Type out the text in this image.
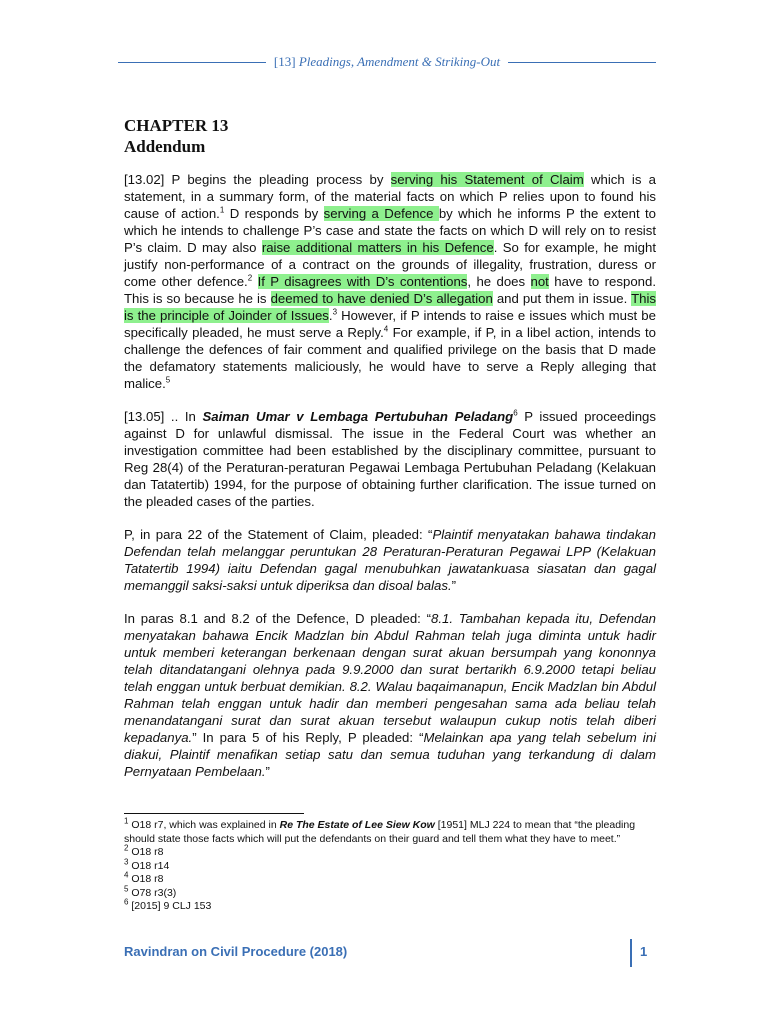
[13] Pleadings, Amendment & Striking-Out
CHAPTER 13
Addendum

[13.02] P begins the pleading process by serving his Statement of Claim which is a statement, in a summary form, of the material facts on which P relies upon to found his cause of action.$^1$ D responds by serving a Defence by which he informs P the extent to which he intends to challenge P’s case and state the facts on which D will rely on to resist P’s claim. D may also raise additional matters in his Defence. So for example, he might justify non-performance of a contract on the grounds of illegality, frustration, duress or come other defence.$^2$ If P disagrees with D’s contentions, he does not have to respond. This is so because he is deemed to have denied D’s allegation and put them in issue. This is the principle of Joinder of Issues.$^3$ However, if P intends to raise e issues which must be specifically pleaded, he must serve a Reply.$^4$ For example, if P, in a libel action, intends to challenge the defences of fair comment and qualified privilege on the basis that D made the defamatory statements maliciously, he would have to serve a Reply alleging that malice.$^5$

[13.05] .. In Saiman Umar v Lembaga Pertubuhan Peladang$^6$ P issued proceedings against D for unlawful dismissal. The issue in the Federal Court was whether an investigation committee had been established by the disciplinary committee, pursuant to Reg 28(4) of the Peraturan-peraturan Pegawai Lembaga Pertubuhan Peladang (Kelakuan dan Tatatertib) 1994, for the purpose of obtaining further clarification. The issue turned on the pleaded cases of the parties.

P, in para 22 of the Statement of Claim, pleaded: “Plaintif menyatakan bahawa tindakan Defendan telah melanggar peruntukan 28 Peraturan-Peraturan Pegawai LPP (Kelakuan Tatatertib 1994) iaitu Defendan gagal menubuhkan jawatankuasa siasatan dan gagal memanggil saksi-saksi untuk diperiksa dan disoal balas.”

In paras 8.1 and 8.2 of the Defence, D pleaded: “8.1. Tambahan kepada itu, Defendan menyatakan bahawa Encik Madzlan bin Abdul Rahman telah juga diminta untuk hadir untuk memberi keterangan berkenaan dengan surat akuan bersumpah yang kononnya telah ditandatangani olehnya pada 9.9.2000 dan surat bertarikh 6.9.2000 tetapi beliau telah enggan untuk berbuat demikian. 8.2. Walau baqaimanapun, Encik Madzlan bin Abdul Rahman telah enggan untuk hadir dan memberi pengesahan sama ada beliau telah menandatangani surat dan surat akuan tersebut walaupun cukup notis telah diberi kepadanya.” In para 5 of his Reply, P pleaded: “Melainkan apa yang telah sebelum ini diakui, Plaintif menafikan setiap satu dan semua tuduhan yang terkandung di dalam Pernyataan Pembelaan.”

$^1$ O18 r7, which was explained in Re The Estate of Lee Siew Kow [1951] MLJ 224 to mean that “the pleading should state those facts which will put the defendants on their guard and tell them what they have to meet.”
$^2$ O18 r8
$^3$ O18 r14
$^4$ O18 r8
$^5$ O78 r3(3)
$^6$ [2015] 9 CLJ 153
Ravindran on Civil Procedure (2018)	1
